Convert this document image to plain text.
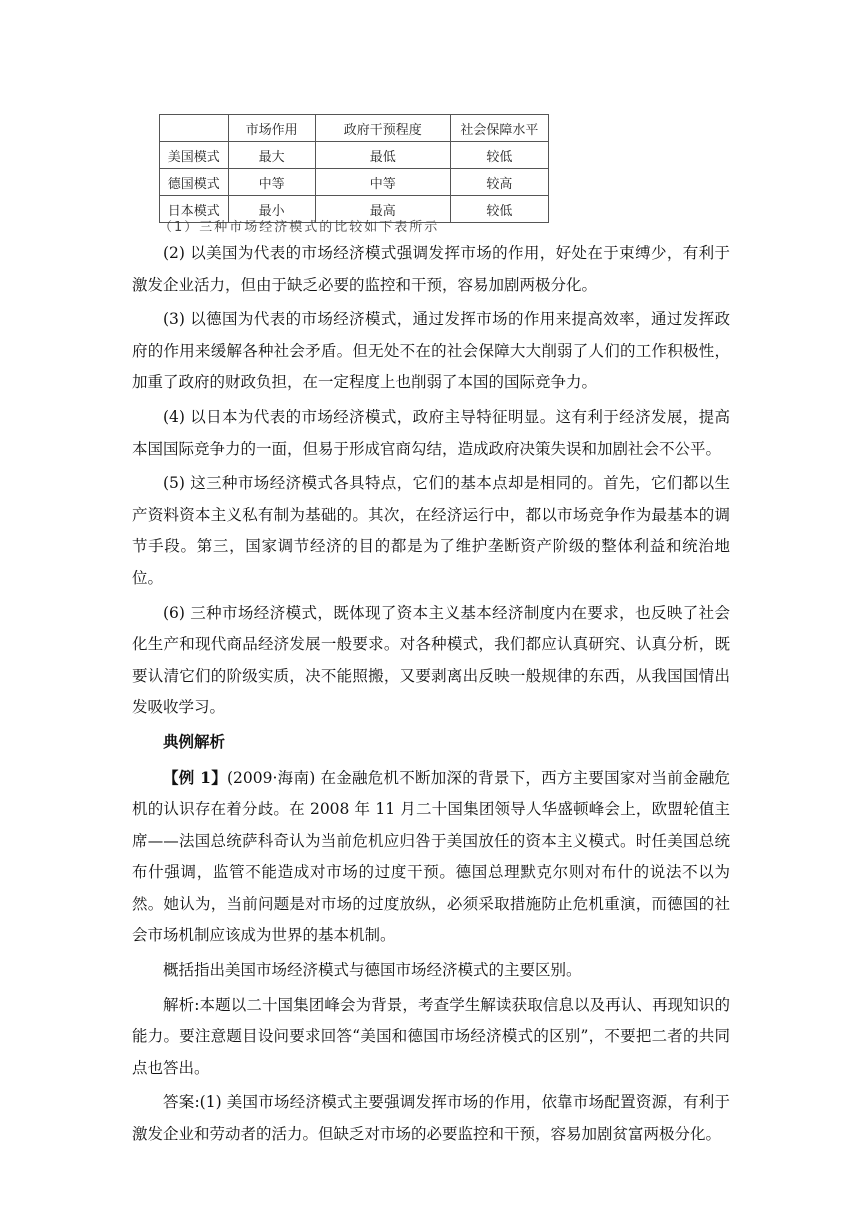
	市场作用	政府干预程度	社会保障水平
美国模式	最大	最低	较低
德国模式	中等	中等	较高
日本模式	最小	最高	较低
（1）三种市场经济模式的比较如下表所示

(2) 以美国为代表的市场经济模式强调发挥市场的作用，好处在于束缚少，有利于激发企业活力，但由于缺乏必要的监控和干预，容易加剧两极分化。

(3) 以德国为代表的市场经济模式，通过发挥市场的作用来提高效率，通过发挥政府的作用来缓解各种社会矛盾。但无处不在的社会保障大大削弱了人们的工作积极性，加重了政府的财政负担，在一定程度上也削弱了本国的国际竞争力。

(4) 以日本为代表的市场经济模式，政府主导特征明显。这有利于经济发展，提高本国国际竞争力的一面，但易于形成官商勾结，造成政府决策失误和加剧社会不公平。

(5) 这三种市场经济模式各具特点，它们的基本点却是相同的。首先，它们都以生产资料资本主义私有制为基础的。其次，在经济运行中，都以市场竞争作为最基本的调节手段。第三，国家调节经济的目的都是为了维护垄断资产阶级的整体利益和统治地位。

(6) 三种市场经济模式，既体现了资本主义基本经济制度内在要求，也反映了社会化生产和现代商品经济发展一般要求。对各种模式，我们都应认真研究、认真分析，既要认清它们的阶级实质，决不能照搬，又要剥离出反映一般规律的东西，从我国国情出发吸收学习。

典例解析

【例 1】(2009·海南) 在金融危机不断加深的背景下，西方主要国家对当前金融危机的认识存在着分歧。在 2008 年 11 月二十国集团领导人华盛顿峰会上，欧盟轮值主席——法国总统萨科奇认为当前危机应归咎于美国放任的资本主义模式。时任美国总统布什强调，监管不能造成对市场的过度干预。德国总理默克尔则对布什的说法不以为然。她认为，当前问题是对市场的过度放纵，必须采取措施防止危机重演，而德国的社会市场机制应该成为世界的基本机制。

概括指出美国市场经济模式与德国市场经济模式的主要区别。

解析:本题以二十国集团峰会为背景，考查学生解读获取信息以及再认、再现知识的能力。要注意题目设问要求回答“美国和德国市场经济模式的区别”，不要把二者的共同点也答出。

答案:(1) 美国市场经济模式主要强调发挥市场的作用，依靠市场配置资源，有利于激发企业和劳动者的活力。但缺乏对市场的必要监控和干预，容易加剧贫富两极分化。
